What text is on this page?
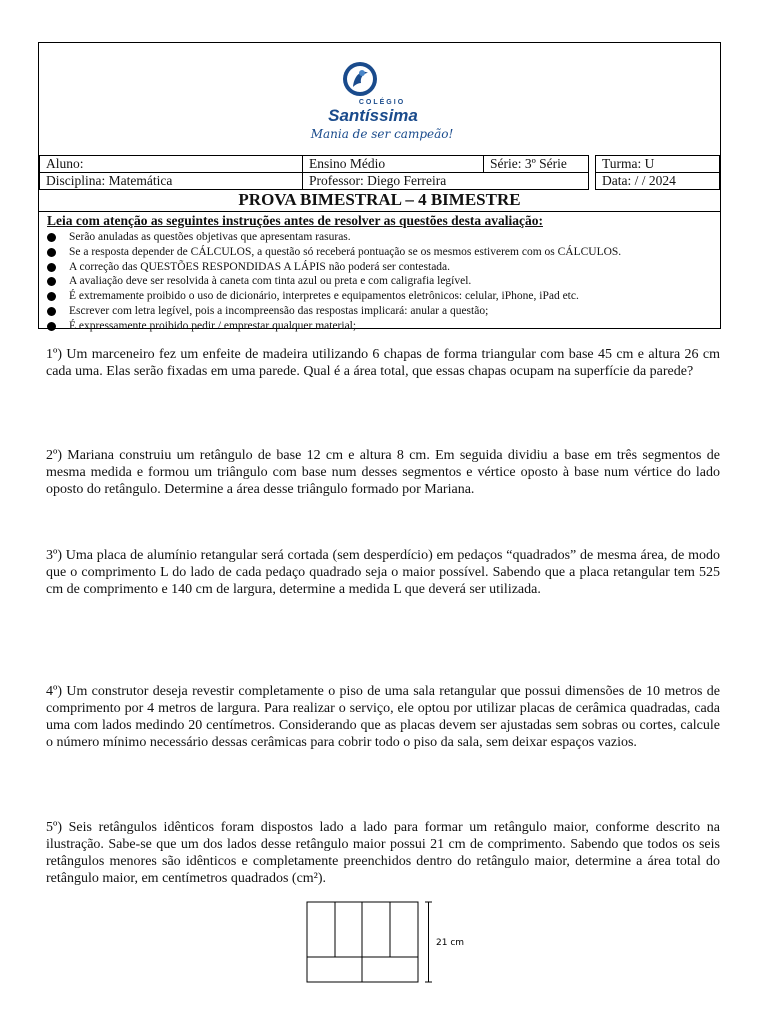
COLÉGIO
Santíssima
Mania de ser campeão!
Aluno:	Ensino Médio	Série: 3º Série		Turma: U
Disciplina: Matemática	Professor: Diego Ferreira			Data: / / 2024
PROVA BIMESTRAL – 4 BIMESTRE
Leia com atenção as seguintes instruções antes de resolver as questões desta avaliação:
Serão anuladas as questões objetivas que apresentam rasuras.
Se a resposta depender de CÁLCULOS, a questão só receberá pontuação se os mesmos estiverem com os CÁLCULOS.
A correção das QUESTÕES RESPONDIDAS A LÁPIS não poderá ser contestada.
A avaliação deve ser resolvida à caneta com tinta azul ou preta e com caligrafia legível.
É extremamente proibido o uso de dicionário, interpretes e equipamentos eletrônicos: celular, iPhone, iPad etc.
Escrever com letra legível, pois a incompreensão das respostas implicará: anular a questão;
É expressamente proibido pedir / emprestar qualquer material;

1º) Um marceneiro fez um enfeite de madeira utilizando 6 chapas de forma triangular com base 45 cm e altura 26 cm cada uma. Elas serão fixadas em uma parede. Qual é a área total, que essas chapas ocupam na superfície da parede?

2º) Mariana construiu um retângulo de base 12 cm e altura 8 cm. Em seguida dividiu a base em três segmentos de mesma medida e formou um triângulo com base num desses segmentos e vértice oposto à base num vértice do lado oposto do retângulo. Determine a área desse triângulo formado por Mariana.

3º) Uma placa de alumínio retangular será cortada (sem desperdício) em pedaços “quadrados” de mesma área, de modo que o comprimento L do lado de cada pedaço quadrado seja o maior possível. Sabendo que a placa retangular tem 525 cm de comprimento e 140 cm de largura, determine a medida L que deverá ser utilizada.

4º) Um construtor deseja revestir completamente o piso de uma sala retangular que possui dimensões de 10 metros de comprimento por 4 metros de largura. Para realizar o serviço, ele optou por utilizar placas de cerâmica quadradas, cada uma com lados medindo 20 centímetros. Considerando que as placas devem ser ajustadas sem sobras ou cortes, calcule o número mínimo necessário dessas cerâmicas para cobrir todo o piso da sala, sem deixar espaços vazios.

5º) Seis retângulos idênticos foram dispostos lado a lado para formar um retângulo maior, conforme descrito na ilustração. Sabe-se que um dos lados desse retângulo maior possui 21 cm de comprimento. Sabendo que todos os seis retângulos menores são idênticos e completamente preenchidos dentro do retângulo maior, determine a área total do retângulo maior, em centímetros quadrados (cm²).

21 cm
